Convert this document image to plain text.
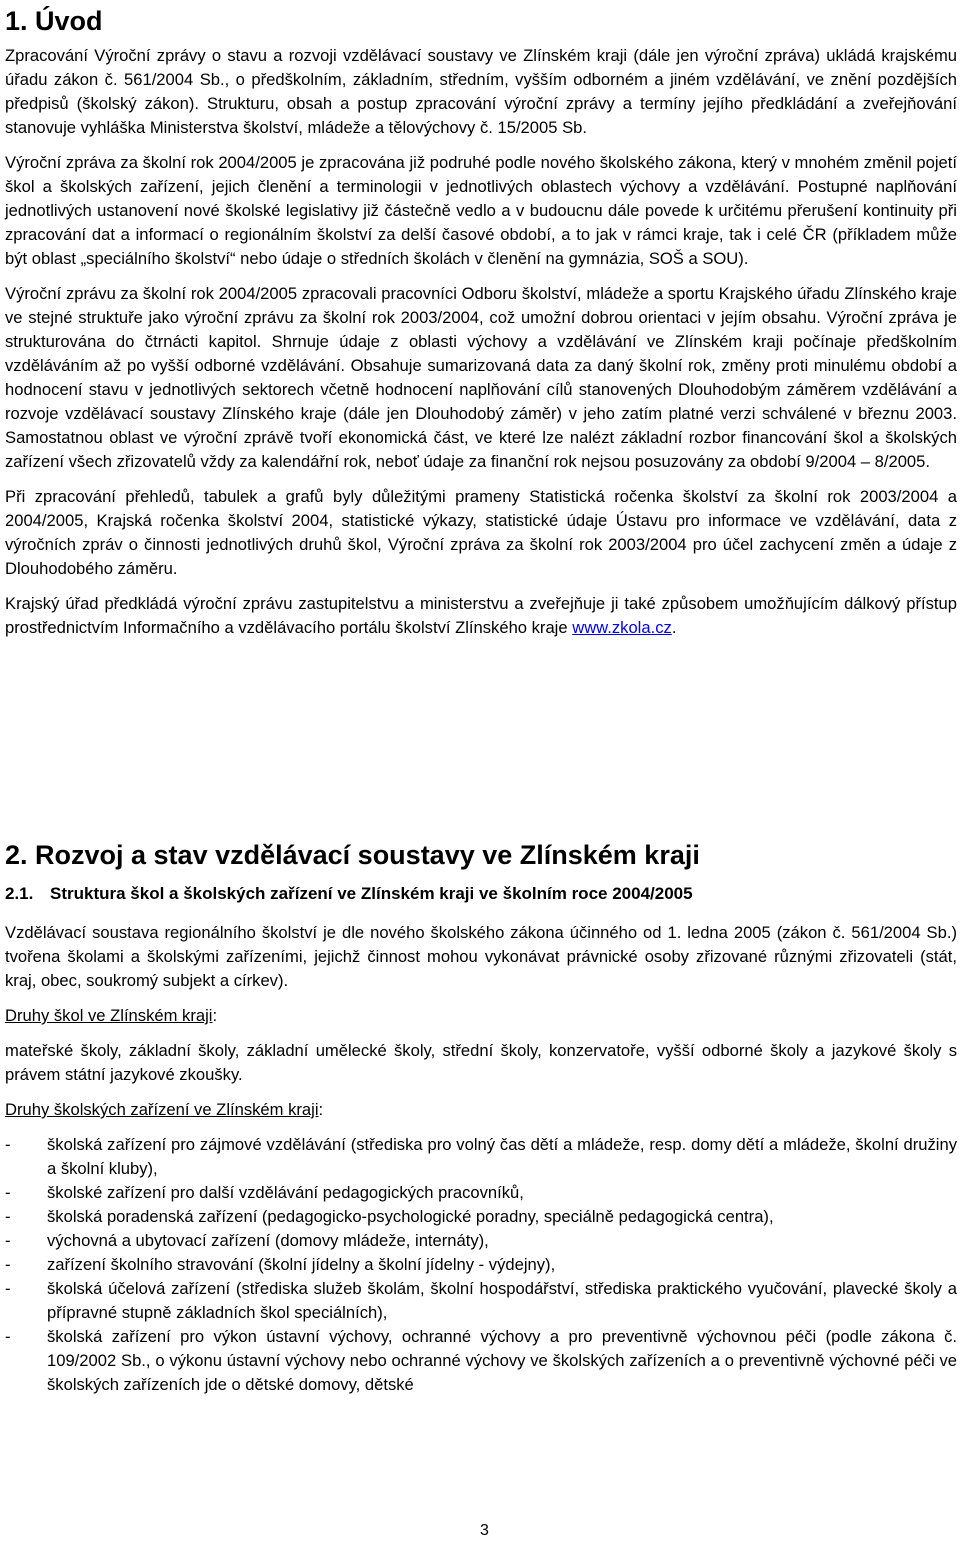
1. Úvod

Zpracování Výroční zprávy o stavu a rozvoji vzdělávací soustavy ve Zlínském kraji (dále jen výroční zpráva) ukládá krajskému úřadu zákon č. 561/2004 Sb., o předškolním, základním, středním, vyšším odborném a jiném vzdělávání, ve znění pozdějších předpisů (školský zákon). Strukturu, obsah a postup zpracování výroční zprávy a termíny jejího předkládání a zveřejňování stanovuje vyhláška Ministerstva školství, mládeže a tělovýchovy č. 15/2005 Sb.

Výroční zpráva za školní rok 2004/2005 je zpracována již podruhé podle nového školského zákona, který v mnohém změnil pojetí škol a školských zařízení, jejich členění a terminologii v jednotlivých oblastech výchovy a vzdělávání. Postupné naplňování jednotlivých ustanovení nové školské legislativy již částečně vedlo a v budoucnu dále povede k určitému přerušení kontinuity při zpracování dat a informací o regionálním školství za delší časové období, a to jak v rámci kraje, tak i celé ČR (příkladem může být oblast „speciálního školství“ nebo údaje o středních školách v členění na gymnázia, SOŠ a SOU).

Výroční zprávu za školní rok 2004/2005 zpracovali pracovníci Odboru školství, mládeže a sportu Krajského úřadu Zlínského kraje ve stejné struktuře jako výroční zprávu za školní rok 2003/2004, což umožní dobrou orientaci v jejím obsahu. Výroční zpráva je strukturována do čtrnácti kapitol. Shrnuje údaje z oblasti výchovy a vzdělávání ve Zlínském kraji počínaje předškolním vzděláváním až po vyšší odborné vzdělávání. Obsahuje sumarizovaná data za daný školní rok, změny proti minulému období a hodnocení stavu v jednotlivých sektorech včetně hodnocení naplňování cílů stanovených Dlouhodobým záměrem vzdělávání a rozvoje vzdělávací soustavy Zlínského kraje (dále jen Dlouhodobý záměr) v jeho zatím platné verzi schválené v březnu 2003. Samostatnou oblast ve výroční zprávě tvoří ekonomická část, ve které lze nalézt základní rozbor financování škol a školských zařízení všech zřizovatelů vždy za kalendářní rok, neboť údaje za finanční rok nejsou posuzovány za období 9/2004 – 8/2005.

Při zpracování přehledů, tabulek a grafů byly důležitými prameny Statistická ročenka školství za školní rok 2003/2004 a 2004/2005, Krajská ročenka školství 2004, statistické výkazy, statistické údaje Ústavu pro informace ve vzdělávání, data z výročních zpráv o činnosti jednotlivých druhů škol, Výroční zpráva za školní rok 2003/2004 pro účel zachycení změn a údaje z Dlouhodobého záměru.

Krajský úřad předkládá výroční zprávu zastupitelstvu a ministerstvu a zveřejňuje ji také způsobem umožňujícím dálkový přístup prostřednictvím Informačního a vzdělávacího portálu školství Zlínského kraje www.zkola.cz.

2. Rozvoj a stav vzdělávací soustavy ve Zlínském kraji
2.1. Struktura škol a školských zařízení ve Zlínském kraji ve školním roce 2004/2005

Vzdělávací soustava regionálního školství je dle nového školského zákona účinného od 1. ledna 2005 (zákon č. 561/2004 Sb.) tvořena školami a školskými zařízeními, jejichž činnost mohou vykonávat právnické osoby zřizované různými zřizovateli (stát, kraj, obec, soukromý subjekt a církev).

Druhy škol ve Zlínském kraji:

mateřské školy, základní školy, základní umělecké školy, střední školy, konzervatoře, vyšší odborné školy a jazykové školy s právem státní jazykové zkoušky.

Druhy školských zařízení ve Zlínském kraji:

- školská zařízení pro zájmové vzdělávání (střediska pro volný čas dětí a mládeže, resp. domy dětí a mládeže, školní družiny a školní kluby),
- školské zařízení pro další vzdělávání pedagogických pracovníků,
- školská poradenská zařízení (pedagogicko-psychologické poradny, speciálně pedagogická centra),
- výchovná a ubytovací zařízení (domovy mládeže, internáty),
- zařízení školního stravování (školní jídelny a školní jídelny - výdejny),
- školská účelová zařízení (střediska služeb školám, školní hospodářství, střediska praktického vyučování, plavecké školy a přípravné stupně základních škol speciálních),
- školská zařízení pro výkon ústavní výchovy, ochranné výchovy a pro preventivně výchovnou péči (podle zákona č. 109/2002 Sb., o výkonu ústavní výchovy nebo ochranné výchovy ve školských zařízeních a o preventivně výchovné péči ve školských zařízeních jde o dětské domovy, dětské
3
